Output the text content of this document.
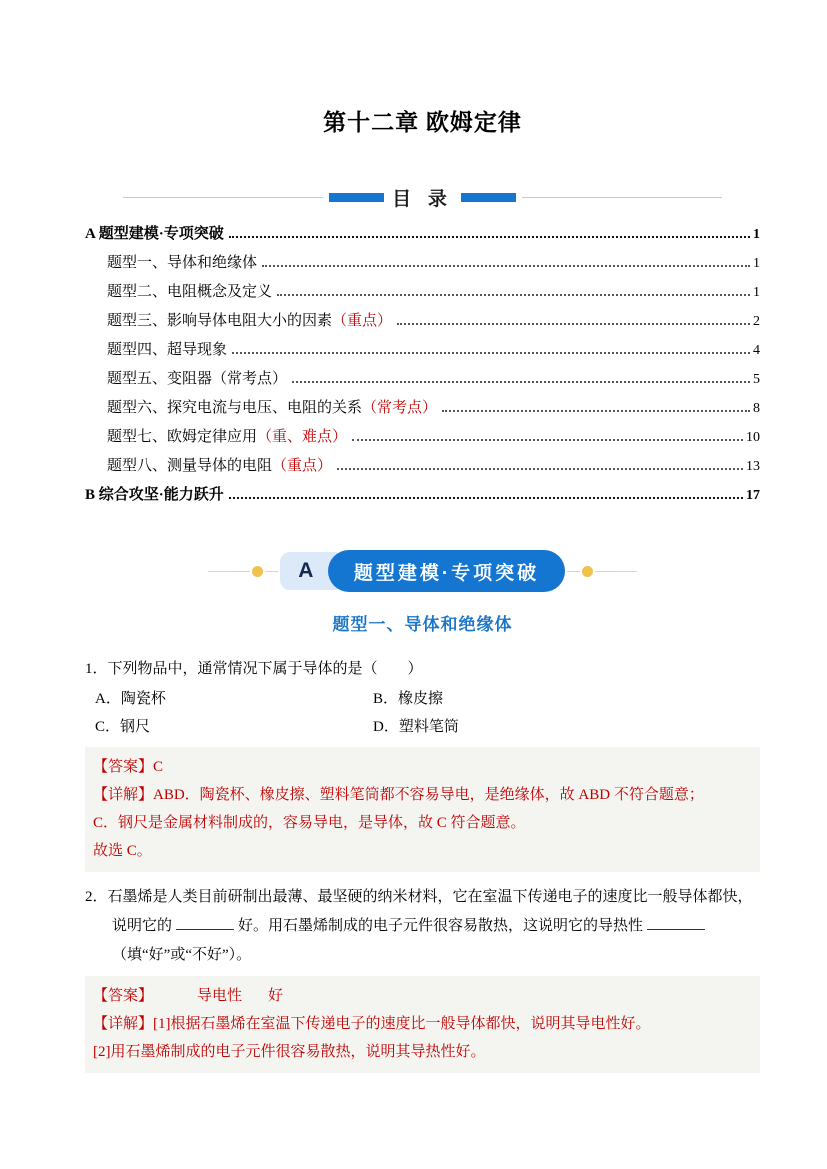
第十二章 欧姆定律
目 录
A 题型建模·专项突破	1
题型一、导体和绝缘体	1
题型二、电阻概念及定义	1
题型三、影响导体电阻大小的因素 （重点）	2
题型四、超导现象	4
题型五、变阻器（常考点）	5
题型六、探究电流与电压、电阻的关系 （常考点）	8
题型七、欧姆定律应用 （重、难点）	10
题型八、测量导体的电阻 （重点）	13
B 综合攻坚·能力跃升	17
A 题型建模·专项突破
题型一、导体和绝缘体
1．下列物品中，通常情况下属于导体的是（　　）
A．陶瓷杯	B．橡皮擦
C．钢尺	D．塑料笔筒
【答案】C
【详解】ABD．陶瓷杯、橡皮擦、塑料笔筒都不容易导电，是绝缘体，故 ABD 不符合题意；
C．钢尺是金属材料制成的，容易导电，是导体，故 C 符合题意。
故选 C。
2．石墨烯是人类目前研制出最薄、最坚硬的纳米材料，它在室温下传递电子的速度比一般导体都快，说明它的	好。用石墨烯制成的电子元件很容易散热，这说明它的导热性（填“好”或“不好”）。
【答案】	导电性 好
【详解】[1]根据石墨烯在室温下传递电子的速度比一般导体都快，说明其导电性好。
[2]用石墨烯制成的电子元件很容易散热，说明其导热性好。
